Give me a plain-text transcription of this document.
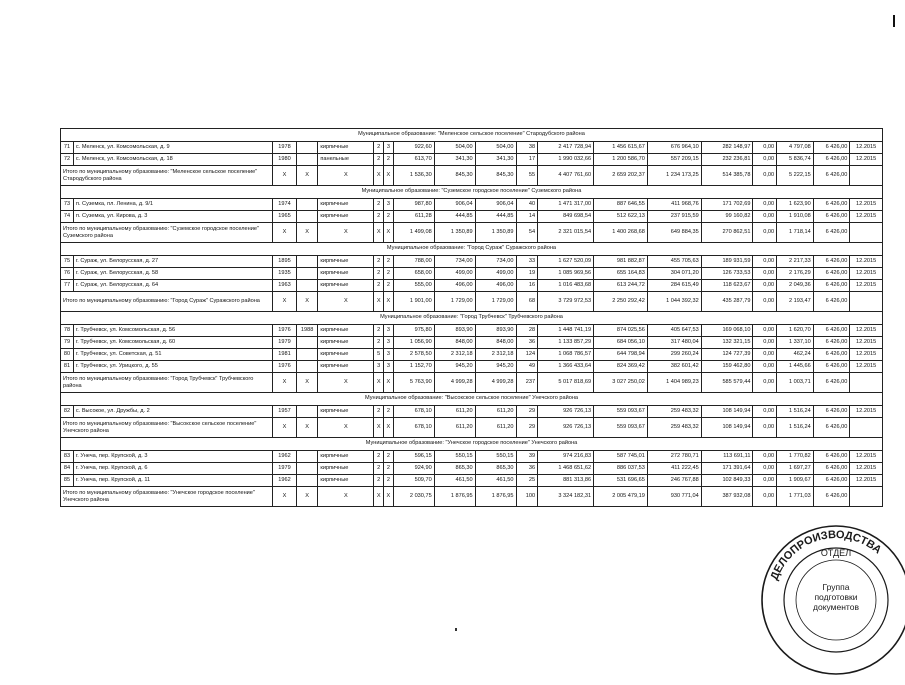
Муниципальное образование: "Меленское сельское поселение" Стародубского района																		
71	с. Меленск, ул. Комсомольская, д. 9	1978		кирпичные	2	3	922,60	504,00	504,00	38	2 417 728,94	1 456 615,67	676 964,10	282 148,97	0,00	4 797,08	6 426,00	12.2015
72	с. Меленск, ул. Комсомольская, д. 18	1980		панельные	2	2	613,70	341,30	341,30	17	1 990 032,66	1 200 586,70	557 209,15	232 236,81	0,00	5 836,74	6 426,00	12.2015
Итого по муниципальному образованию: "Меленское сельское поселение" Стародубского района		X	X	X	X	X	1 536,30	845,30	845,30	55	4 407 761,60	2 659 202,37	1 234 173,25	514 385,78	0,00	5 222,15	6 426,00	
Муниципальное образование: "Суземское городское поселение" Суземского района																		
73	п. Суземка, пл. Ленина, д. 9/1	1974		кирпичные	2	3	987,80	906,04	906,04	40	1 471 317,00	887 646,55	411 968,76	171 702,69	0,00	1 623,90	6 426,00	12.2015
74	п. Суземка, ул. Кирова, д. 3	1965		кирпичные	2	2	611,28	444,85	444,85	14	849 698,54	512 622,13	237 915,59	99 160,82	0,00	1 910,08	6 426,00	12.2015
Итого по муниципальному образованию: "Суземское городское поселение" Суземского района		X	X	X	X	X	1 499,08	1 350,89	1 350,89	54	2 321 015,54	1 400 268,68	649 884,35	270 862,51	0,00	1 718,14	6 426,00	
Муниципальное образование: "Город Сураж" Суражского района																		
75	г. Сураж, ул. Белорусская, д. 27	1895		кирпичные	2	2	788,00	734,00	734,00	33	1 627 520,09	981 882,87	455 705,63	189 931,59	0,00	2 217,33	6 426,00	12.2015
76	г. Сураж, ул. Белорусская, д. 58	1935		кирпичные	2	2	658,00	499,00	499,00	19	1 085 969,56	655 164,83	304 071,20	126 733,53	0,00	2 176,29	6 426,00	12.2015
77	г. Сураж, ул. Белорусская, д. 64	1963		кирпичные	2	2	555,00	496,00	496,00	16	1 016 483,68	613 244,72	284 615,49	118 623,67	0,00	2 049,36	6 426,00	12.2015
Итого по муниципальному образованию: "Город Сураж" Суражского района		X	X	X	X	X	1 901,00	1 729,00	1 729,00	68	3 729 972,53	2 250 292,42	1 044 392,32	435 287,79	0,00	2 193,47	6 426,00	
Муниципальное образование: "Город Трубчевск" Трубчевского района																		
78	г. Трубчевск, ул. Комсомольская, д. 56	1976	1988	кирпичные	2	3	975,80	893,90	893,90	28	1 448 741,19	874 025,56	405 647,53	169 068,10	0,00	1 620,70	6 426,00	12.2015
79	г. Трубчевск, ул. Комсомольская, д. 60	1979		кирпичные	2	3	1 056,90	848,00	848,00	36	1 133 857,29	684 056,10	317 480,04	132 321,15	0,00	1 337,10	6 426,00	12.2015
80	г. Трубчевск, ул. Советская, д. 51	1981		кирпичные	5	3	2 578,50	2 312,18	2 312,18	124	1 068 786,57	644 798,94	299 260,24	124 727,39	0,00	462,24	6 426,00	12.2015
81	г. Трубчевск, ул. Урицкого, д. 55	1976		кирпичные	3	3	1 152,70	945,20	945,20	49	1 366 433,64	824 369,42	382 601,42	159 462,80	0,00	1 445,66	6 426,00	12.2015
Итого по муниципальному образованию: "Город Трубчевск" Трубчевского района		X	X	X	X	X	5 763,90	4 999,28	4 999,28	237	5 017 818,69	3 027 250,02	1 404 989,23	585 579,44	0,00	1 003,71	6 426,00	
Муниципальное образование: "Высокское сельское поселение" Унечского района																		
82	с. Высокое, ул. Дружбы, д. 2	1957		кирпичные	2	2	678,10	611,20	611,20	29	926 726,13	559 093,67	259 483,32	108 149,94	0,00	1 516,24	6 426,00	12.2015
Итого по муниципальному образованию: "Высокское сельское поселение" Унечского района		X	X	X	X	X	678,10	611,20	611,20	29	926 726,13	559 093,67	259 483,32	108 149,94	0,00	1 516,24	6 426,00	
Муниципальное образование: "Унечское городское поселение" Унечского района																		
83	г. Унеча, пер. Крупской, д. 3	1962		кирпичные	2	2	596,15	550,15	550,15	39	974 216,83	587 745,01	272 780,71	113 691,11	0,00	1 770,82	6 426,00	12.2015
84	г. Унеча, пер. Крупской, д. 6	1979		кирпичные	2	2	924,90	865,30	865,30	36	1 468 651,62	886 037,53	411 222,45	171 391,64	0,00	1 697,27	6 426,00	12.2015
85	г. Унеча, пер. Крупской, д. 11	1962		кирпичные	2	2	509,70	461,50	461,50	25	881 313,86	531 696,65	246 767,88	102 849,33	0,00	1 909,67	6 426,00	12.2015
Итого по муниципальному образованию: "Унечское городское поселение" Унечского района		X	X	X	X	X	2 030,75	1 876,95	1 876,95	100	3 324 182,31	2 005 479,19	930 771,04	387 932,08	0,00	1 771,03	6 426,00	
ДЕЛОПРОИЗВОДСТВА
ОТДЕЛ
Группа
подготовки
документов
